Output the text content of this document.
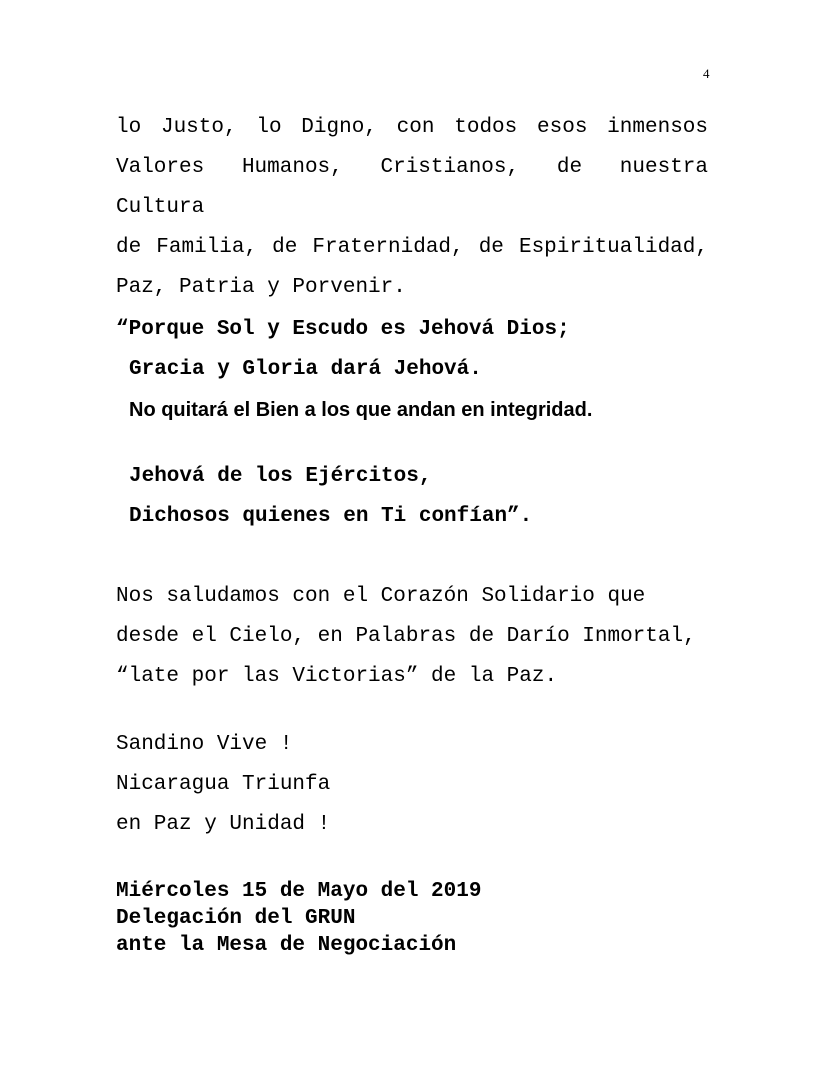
4
lo Justo, lo Digno, con todos esos inmensos
Valores Humanos, Cristianos, de nuestra Cultura
de Familia, de Fraternidad, de Espiritualidad,
Paz, Patria y Porvenir.
“Porque Sol y Escudo es Jehová Dios;
Gracia y Gloria dará Jehová.
No quitará el Bien a los que andan en integridad.
Jehová de los Ejércitos,
Dichosos quienes en Ti confían”.
Nos saludamos con el Corazón Solidario que
desde el Cielo, en Palabras de Darío Inmortal,
“late por las Victorias” de la Paz.
Sandino Vive !
Nicaragua Triunfa
en Paz y Unidad !
Miércoles 15 de Mayo del 2019
Delegación del GRUN
ante la Mesa de Negociación
